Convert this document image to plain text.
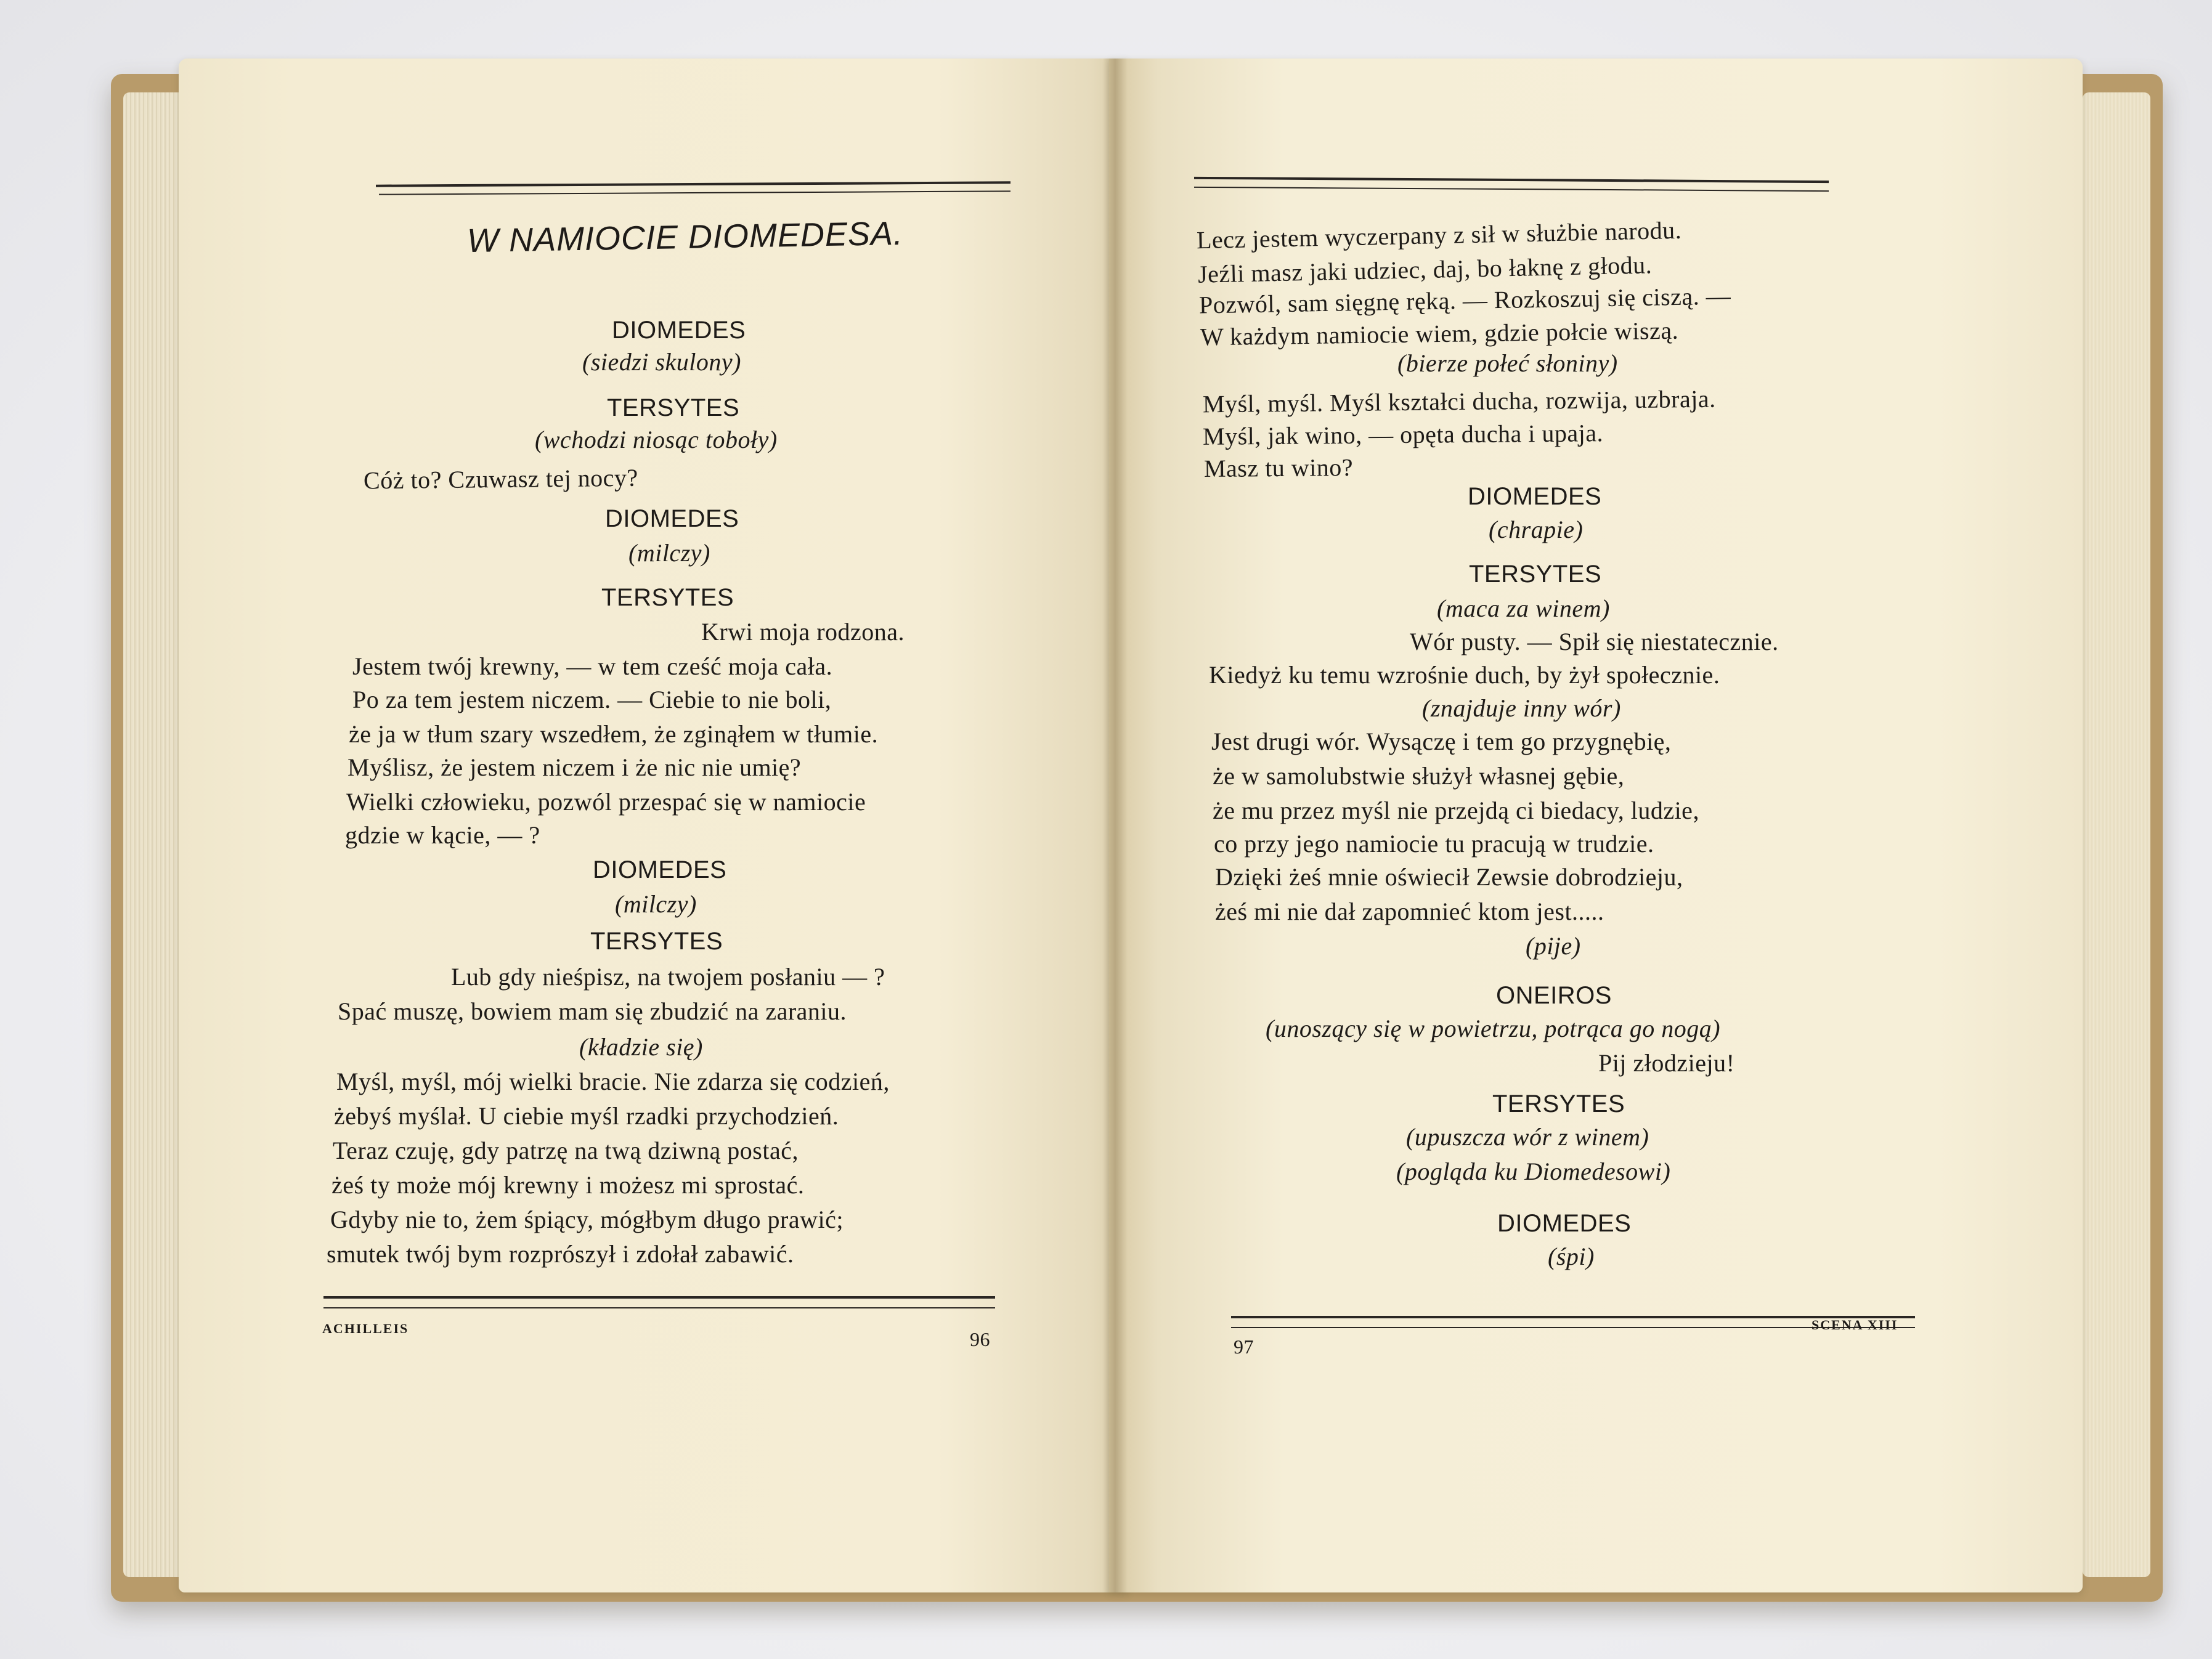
W NAMIOCIE DIOMEDESA.
DIOMEDES
(siedzi skulony)
TERSYTES
(wchodzi niosąc toboły)
Cóż to? Czuwasz tej nocy?
DIOMEDES
(milczy)
TERSYTES
Krwi moja rodzona.
Jestem twój krewny, — w tem cześć moja cała.
Po za tem jestem niczem. — Ciebie to nie boli,
że ja w tłum szary wszedłem, że zginąłem w tłumie.
Myślisz, że jestem niczem i że nic nie umię?
Wielki człowieku, pozwól przespać się w namiocie
gdzie w kącie, — ?
DIOMEDES
(milczy)
TERSYTES
Lub gdy nieśpisz, na twojem posłaniu — ?
Spać muszę, bowiem mam się zbudzić na zaraniu.
(kładzie się)
Myśl, myśl, mój wielki bracie. Nie zdarza się codzień,
żebyś myślał. U ciebie myśl rzadki przychodzień.
Teraz czuję, gdy patrzę na twą dziwną postać,
żeś ty może mój krewny i możesz mi sprostać.
Gdyby nie to, żem śpiący, mógłbym długo prawić;
smutek twój bym rozprószył i zdołał zabawić.
ACHILLEIS	96
Lecz jestem wyczerpany z sił w służbie narodu.
Jeźli masz jaki udziec, daj, bo łaknę z głodu.
Pozwól, sam sięgnę ręką. — Rozkoszuj się ciszą. —
W każdym namiocie wiem, gdzie połcie wiszą.
(bierze połeć słoniny)
Myśl, myśl. Myśl kształci ducha, rozwija, uzbraja.
Myśl, jak wino, — opęta ducha i upaja.
Masz tu wino?
DIOMEDES
(chrapie)
TERSYTES
(maca za winem)
Wór pusty. — Spił się niestatecznie.
Kiedyż ku temu wzrośnie duch, by żył społecznie.
(znajduje inny wór)
Jest drugi wór. Wysączę i tem go przygnębię,
że w samolubstwie służył własnej gębie,
że mu przez myśl nie przejdą ci biedacy, ludzie,
co przy jego namiocie tu pracują w trudzie.
Dzięki żeś mnie oświecił Zewsie dobrodzieju,
żeś mi nie dał zapomnieć ktom jest.....
(pije)
ONEIROS
(unoszący się w powietrzu, potrąca go nogą)
Pij złodzieju!
TERSYTES
(upuszcza wór z winem)
(pogląda ku Diomedesowi)
DIOMEDES
(śpi)
97
SCENA XIII
